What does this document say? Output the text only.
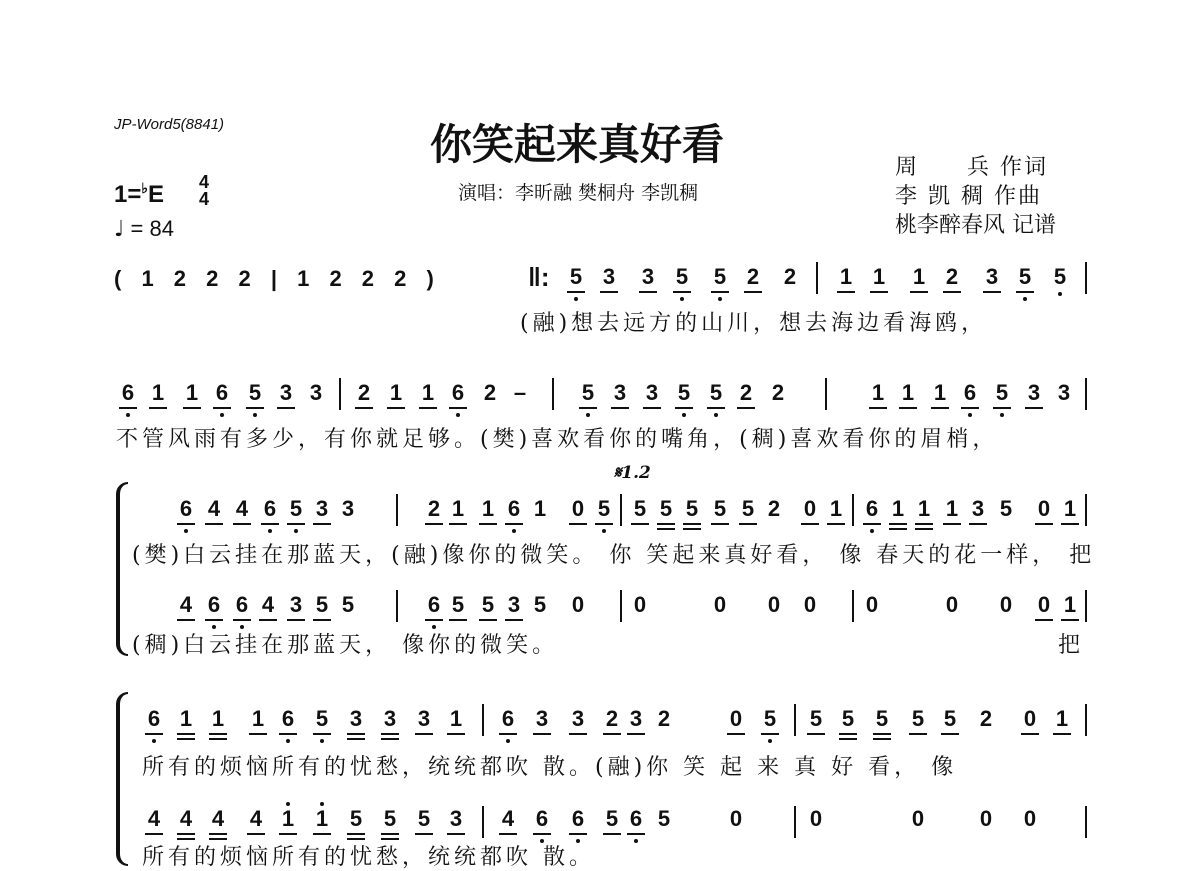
JP-Word5(8841)	你笑起来真好看
演唱：李昕融 樊桐舟 李凯稠
周　　兵 作词
李 凯 稠 作曲
桃李醉春风 记谱
1=♭E 4
4
♩ = 84
( 1 2 2 2 | 1 2 2 2 )	‖: 5 3 3 5 5 2 2 1 1 1 2 3 5 5
(融)想去远方的山川，想去海边看海鸥，
6 1 1 6 5 3 3 2 1 1 6 2 –	5 3 3 5 5 2 2	1 1 1 6 5 3 3
不管风雨有多少，有你就足够。(樊)喜欢看你的嘴角，(稠)喜欢看你的眉梢，
𝄋1.2
6 4 4 6 5 3 3	2 1 1 6 1 0 5 5 5 5 5 5 2 0 1 6 1 1 1 3 5 0 1
(樊)白云挂在那蓝天，(融)像你的微笑。 你 笑起来真好看， 像 春天的花一样， 把
4 6 6 4 3 5 5	6 5 5 3 5 0 0	0 0 0 0	0 0 0 1
(稠)白云挂在那蓝天， 像你的微笑。	把
6 1 1 1 6 5 3 3 3 1 6 3 3 2 3 2	0 5 5 5 5 5 5 2 0 1
所有的烦恼所有的忧愁，统统都吹 散。(融)你 笑 起 来 真 好 看， 像
4 4 4 4 1 1 5 5 5 3 4 6 6 5 6 5	0	0	0	0 0
所有的烦恼所有的忧愁，统统都吹 散。
